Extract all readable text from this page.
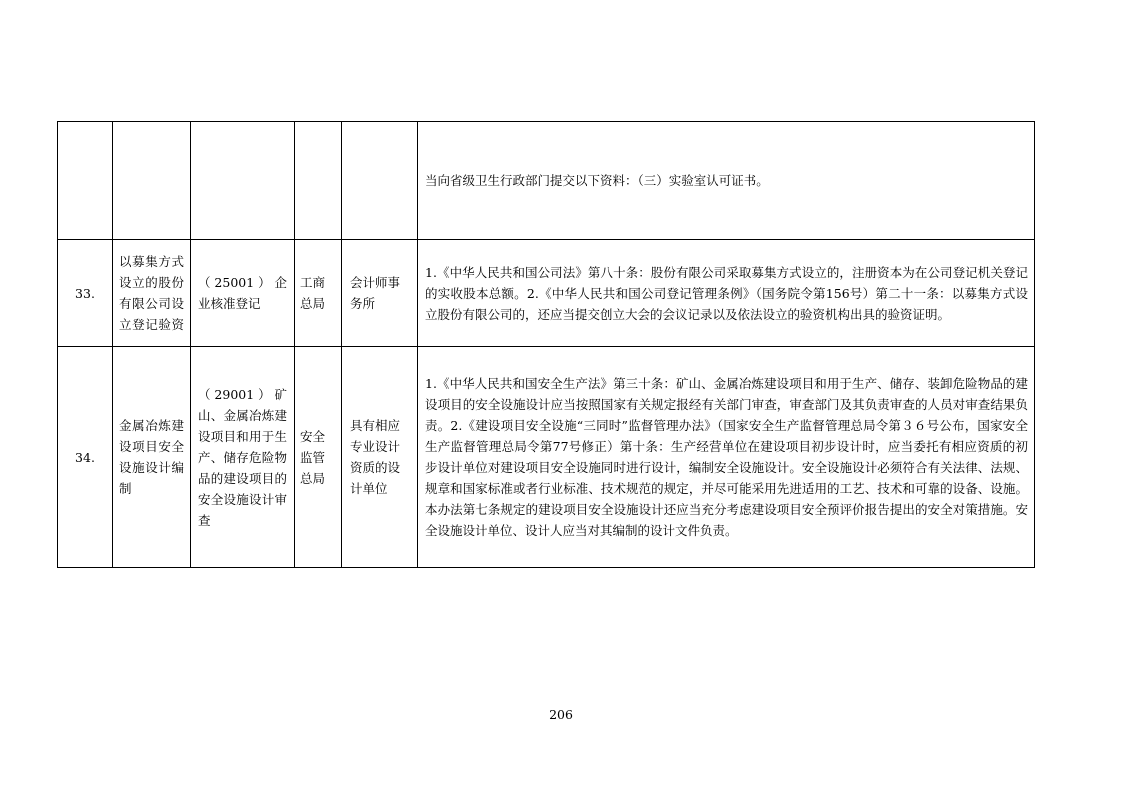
					当向省级卫生行政部门提交以下资料：（三）实验室认可证书。

33.	以募集方式设立的股份有限公司设立登记验资	（25001）企业核准登记	工商总局	会计师事务所	1.《中华人民共和国公司法》第八十条：股份有限公司采取募集方式设立的，注册资本为在公司登记机关登记的实收股本总额。2.《中华人民共和国公司登记管理条例》（国务院令第156号）第二十一条：以募集方式设立股份有限公司的，还应当提交创立大会的会议记录以及依法设立的验资机构出具的验资证明。

34.	金属冶炼建设项目安全设施设计编制	（29001）矿山、金属冶炼建设项目和用于生产、储存危险物品的建设项目的安全设施设计审查	安全监管总局	具有相应专业设计资质的设计单位	1.《中华人民共和国安全生产法》第三十条：矿山、金属冶炼建设项目和用于生产、储存、装卸危险物品的建设项目的安全设施设计应当按照国家有关规定报经有关部门审查，审查部门及其负责审查的人员对审查结果负责。2.《建设项目安全设施“三同时”监督管理办法》（国家安全生产监督管理总局令第３６号公布，国家安全生产监督管理总局令第77号修正）第十条：生产经营单位在建设项目初步设计时，应当委托有相应资质的初步设计单位对建设项目安全设施同时进行设计，编制安全设施设计。安全设施设计必须符合有关法律、法规、规章和国家标准或者行业标准、技术规范的规定，并尽可能采用先进适用的工艺、技术和可靠的设备、设施。本办法第七条规定的建设项目安全设施设计还应当充分考虑建设项目安全预评价报告提出的安全对策措施。安全设施设计单位、设计人应当对其编制的设计文件负责。
206
